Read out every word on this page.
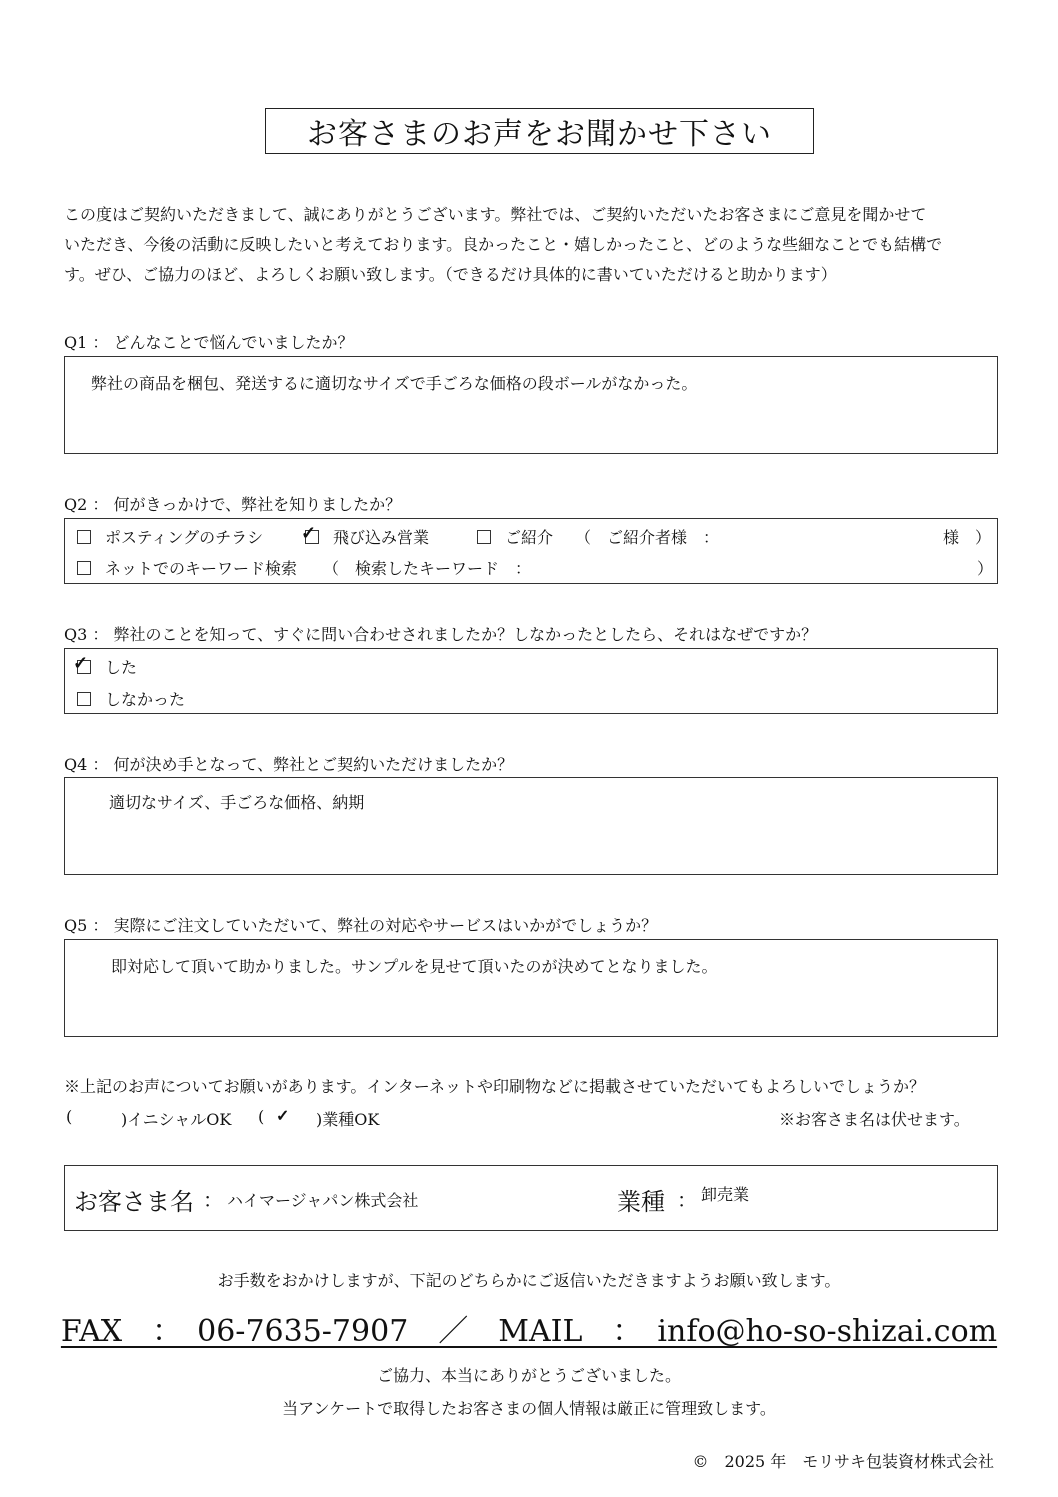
お客さまのお声をお聞かせ下さい

この度はご契約いただきまして、誠にありがとうございます。弊社では、ご契約いただいたお客さまにご意見を聞かせて

いただき、今後の活動に反映したいと考えております。良かったこと・嬉しかったこと、どのような些細なことでも結構で

す。ぜひ、ご協力のほど、よろしくお願い致します。（できるだけ具体的に書いていただけると助かります）

Q1 ： どんなことで悩んでいましたか？
弊社の商品を梱包、発送するに適切なサイズで手ごろな価格の段ボールがなかった。
Q2 ： 何がきっかけで、弊社を知りましたか？
ポスティングのチラシ ✓ 飛び込み営業	ご紹介 （　ご紹介者様　：	様　）
ネットでのキーワード検索 （　検索したキーワード　：	）
Q3 ： 弊社のことを知って、すぐに問い合わせされましたか？しなかったとしたら、それはなぜですか？
✓ した
しなかった
Q4 ： 何が決め手となって、弊社とご契約いただけましたか？
適切なサイズ、手ごろな価格、納期
Q5 ： 実際にご注文していただいて、弊社の対応やサービスはいかがでしょうか？
即対応して頂いて助かりました。サンプルを見せて頂いたのが決めてとなりました。
※上記のお声についてお願いがあります。インターネットや印刷物などに掲載させていただいてもよろしいでしょうか？
(	)イニシャルOK ( ✓ )業種OK	※お客さま名は伏せます。
お客さま名 ： ハイマージャパン株式会社	業種 ： 卸売業
お手数をおかけしますが、下記のどちらかにご返信いただきますようお願い致します。
FAX　：　06-7635-7907　／　MAIL　：　info@ho-so-shizai.com
ご協力、本当にありがとうございました。
当アンケートで取得したお客さまの個人情報は厳正に管理致します。
©　2025 年　モリサキ包装資材株式会社
